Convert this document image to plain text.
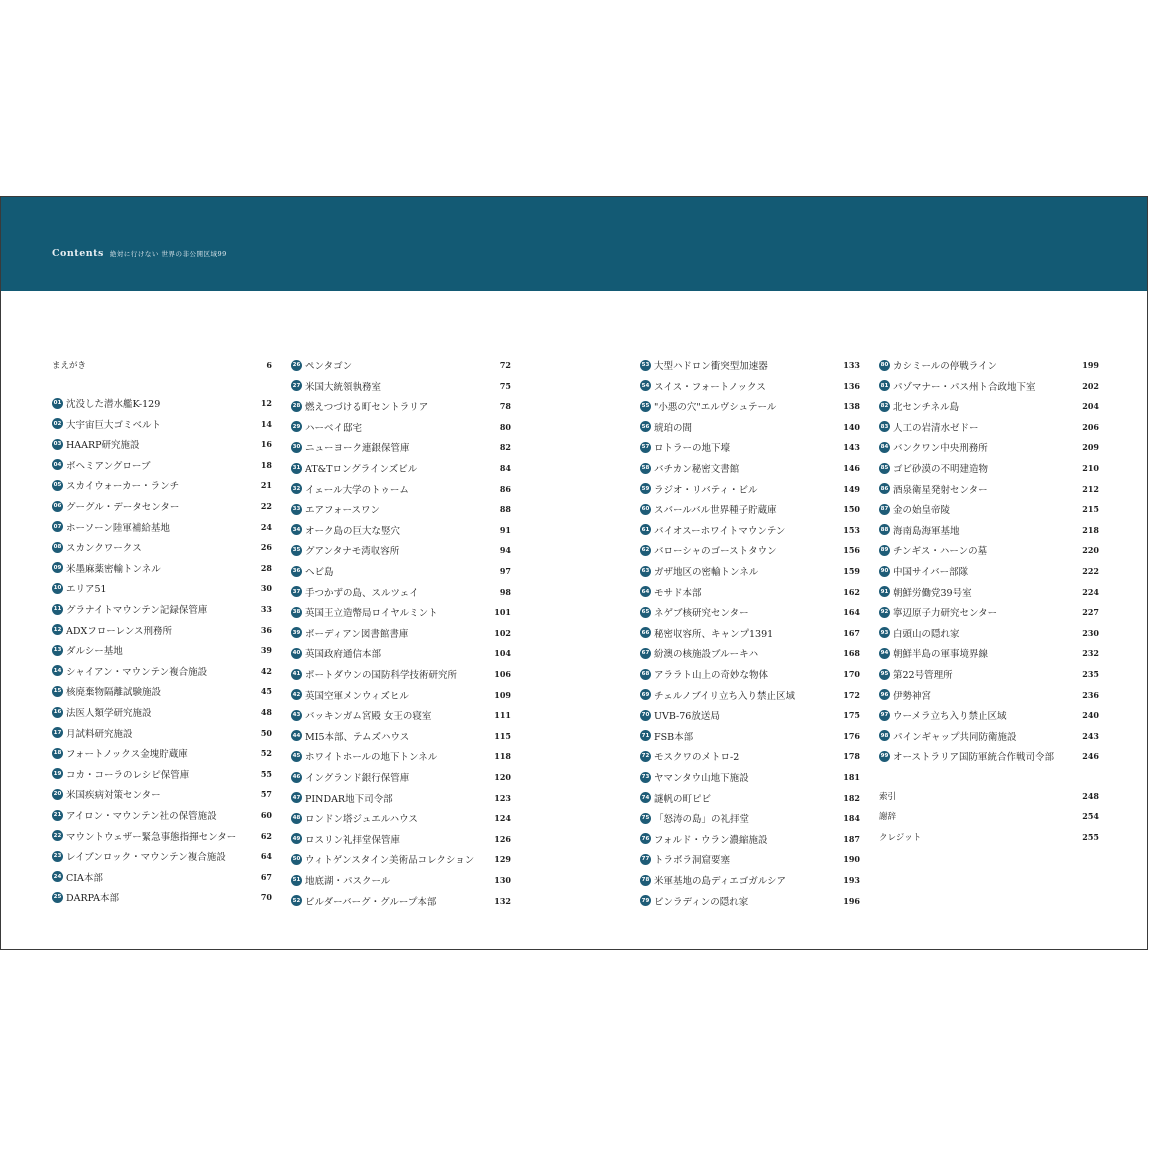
Contents 絶対に行けない 世界の非公開区域99
まえがき	6
01 沈没した潜水艦K-129	12
02 大宇宙巨大ゴミベルト	14
03 HAARP研究施設	16
04 ボヘミアングローブ	18
05 スカイウォーカー・ランチ	21
06 グーグル・データセンター	22
07 ホーソーン陸軍補給基地	24
08 スカンクワークス	26
09 米墨麻薬密輸トンネル	28
10 エリア51	30
11 グラナイトマウンテン記録保管庫	33
12 ADXフローレンス刑務所	36
13 ダルシー基地	39
14 シャイアン・マウンテン複合施設	42
15 核廃棄物隔離試験施設	45
16 法医人類学研究施設	48
17 月試料研究施設	50
18 フォートノックス金塊貯蔵庫	52
19 コカ・コーラのレシピ保管庫	55
20 米国疾病対策センター	57
21 アイロン・マウンテン社の保管施設	60
22 マウントウェザー緊急事態指揮センター	62
23 レイブンロック・マウンテン複合施設	64
24 CIA本部	67
25 DARPA本部	70
26 ペンタゴン	72
27 米国大統領執務室	75
28 燃えつづける町セントラリア	78
29 ハーベイ邸宅	80
30 ニューヨーク連銀保管庫	82
31 AT&Tロングラインズビル	84
32 イェール大学のトゥーム	86
33 エアフォースワン	88
34 オーク島の巨大な竪穴	91
35 グアンタナモ湾収容所	94
36 ヘビ島	97
37 手つかずの島、スルツェイ	98
38 英国王立造幣局ロイヤルミント	101
39 ボーディアン図書館書庫	102
40 英国政府通信本部	104
41 ポートダウンの国防科学技術研究所	106
42 英国空軍メンウィズヒル	109
43 バッキンガム宮殿 女王の寝室	111
44 MI5本部、テムズハウス	115
45 ホワイトホールの地下トンネル	118
46 イングランド銀行保管庫	120
47 PINDAR地下司令部	123
48 ロンドン塔ジュエルハウス	124
49 ロスリン礼拝堂保管庫	126
50 ウィトゲンスタイン美術品コレクション	129
51 地底湖・パスクール	130
52 ビルダーバーグ・グループ本部	132
53 大型ハドロン衝突型加速器	133
54 スイス・フォートノックス	136
55 "小悪の穴"エルヴシュテール	138
56 琥珀の間	140
57 ロトラーの地下壕	143
58 バチカン秘密文書館	146
59 ラジオ・リバティ・ビル	149
60 スバールバル世界種子貯蔵庫	150
61 バイオスーホワイトマウンテン	153
62 バローシャのゴーストタウン	156
63 ガザ地区の密輸トンネル	159
64 モサド本部	162
65 ネゲブ核研究センター	164
66 秘密収容所、キャンプ1391	167
67 紛澳の核施設ブルーキハ	168
68 アララト山上の奇妙な物体	170
69 チェルノブイリ立ち入り禁止区域	172
70 UVB-76放送局	175
71 FSB本部	176
72 モスクワのメトロ-2	178
73 ヤマンタウ山地下施設	181
74 謎帆の町ピビ	182
75 「怒涛の島」の礼拝堂	184
76 フォルド・ウラン濃縮施設	187
77 トラボラ洞窟要塞	190
78 米軍基地の島ディエゴガルシア	193
79 ビンラディンの隠れ家	196
80 カシミールの停戦ライン	199
81 パゾマナー・パス州ト合政地下室	202
82 北センチネル島	204
83 人工の岩清水ゼドー	206
84 バンクワン中央刑務所	209
85 ゴビ砂漠の不明建造物	210
86 酒泉衛星発射センター	212
87 金の始皇帝陵	215
88 海南島海軍基地	218
89 チンギス・ハーンの墓	220
90 中国サイバー部隊	222
91 朝鮮労働党39号室	224
92 寧辺原子力研究センター	227
93 白頭山の隠れ家	230
94 朝鮮半島の軍事境界線	232
95 第22号管理所	235
96 伊勢神宮	236
97 ウーメラ立ち入り禁止区域	240
98 パインギャップ共同防衛施設	243
99 オーストラリア国防軍統合作戦司令部	246
索引	248
謝辞	254
クレジット	255
